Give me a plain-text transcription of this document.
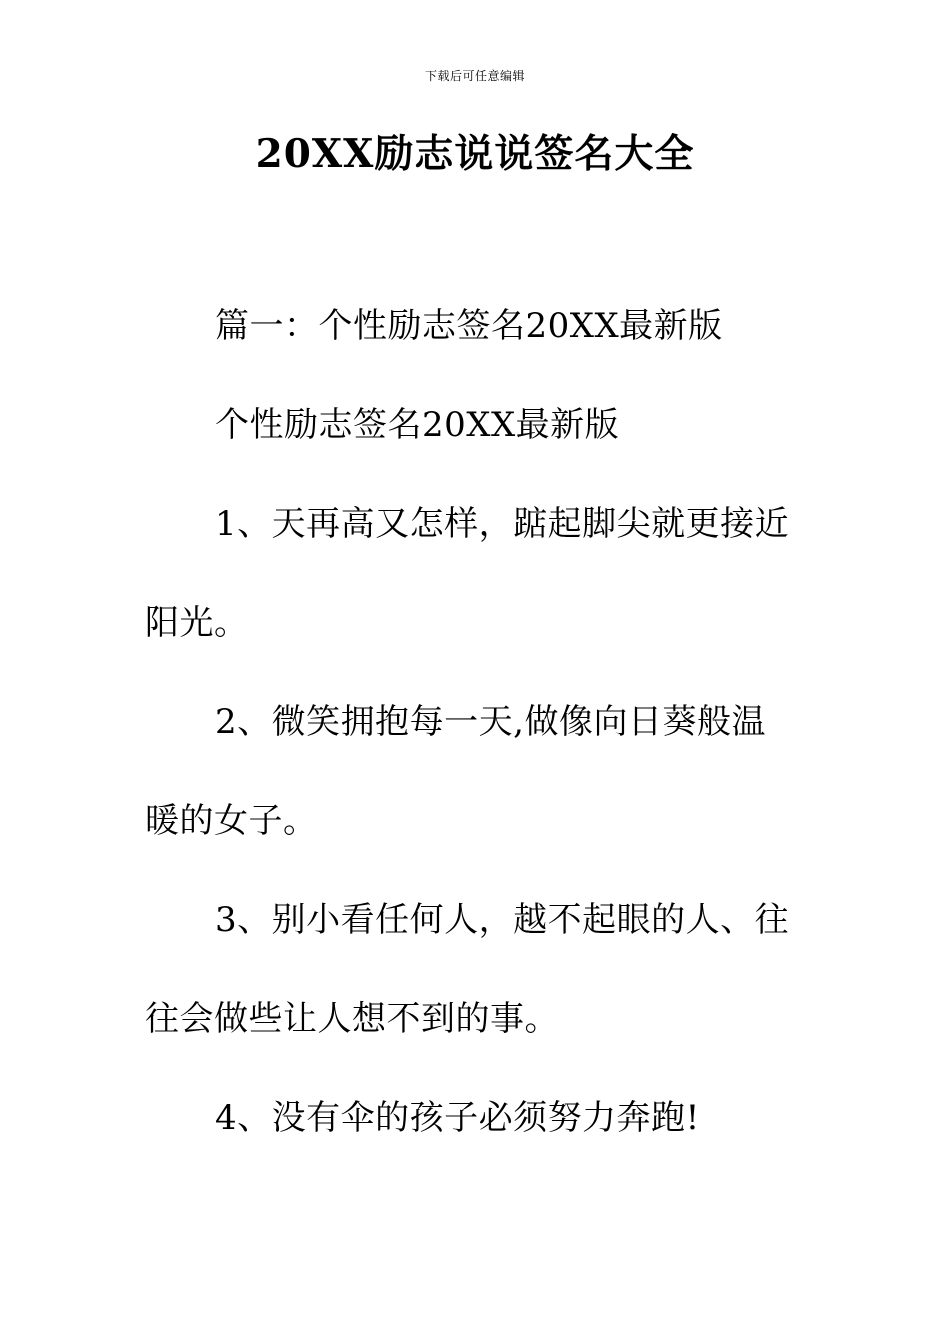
下载后可任意编辑
20XX励志说说签名大全
篇一：个性励志签名20XX最新版
个性励志签名20XX最新版
1、天再高又怎样，踮起脚尖就更接近
阳光。
2、微笑拥抱每一天,做像向日葵般温
暖的女子。
3、别小看任何人，越不起眼的人、往
往会做些让人想不到的事。
4、没有伞的孩子必须努力奔跑!
